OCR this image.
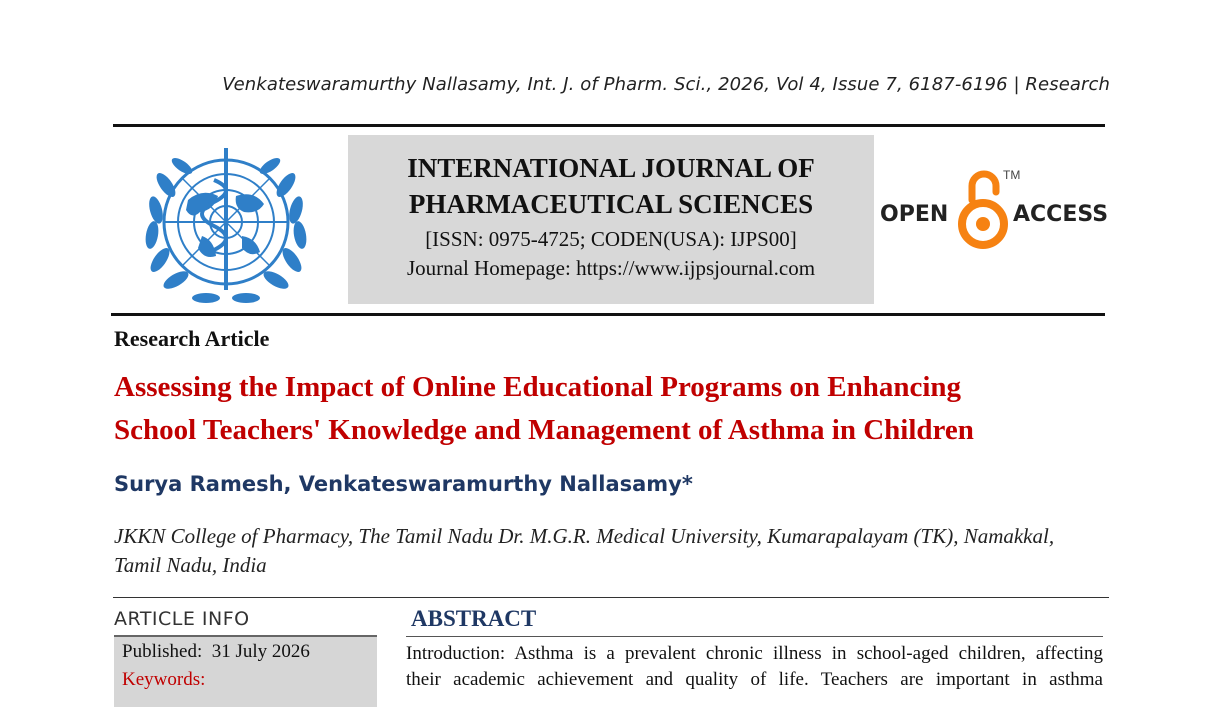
Venkateswaramurthy Nallasamy, Int. J. of Pharm. Sci., 2026, Vol 4, Issue 7, 6187-6196 | Research
INTERNATIONAL JOURNAL OF
PHARMACEUTICAL SCIENCES
[ISSN: 0975-4725; CODEN(USA): IJPS00]
Journal Homepage: https://www.ijpsjournal.com
OPEN
TM
ACCESS
Research Article
Assessing the Impact of Online Educational Programs on Enhancing
School Teachers' Knowledge and Management of Asthma in Children
Surya Ramesh, Venkateswaramurthy Nallasamy*
JKKN College of Pharmacy, The Tamil Nadu Dr. M.G.R. Medical University, Kumarapalayam (TK), Namakkal,
Tamil Nadu, India
ARTICLE INFO
Published:  31 July 2026
Keywords:
ABSTRACT
Introduction: Asthma is a prevalent chronic illness in school-aged children, affecting
their academic achievement and quality of life. Teachers are important in asthma
